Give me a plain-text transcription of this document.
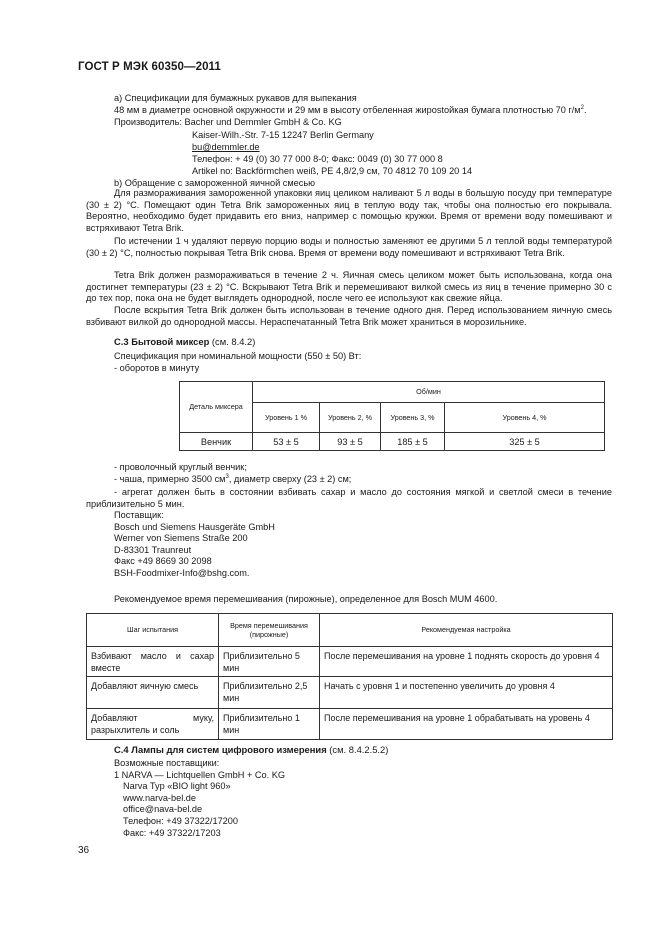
ГОСТ Р МЭК 60350—2011
a) Спецификации для бумажных рукавов для выпекания
48 мм в диаметре основной окружности и 29 мм в высоту отбеленная жирostойкая бумага плотностью 70 $г/м^2$.
Производитель: Bacher und Demmler GmbH & Co. KG
Kaiser-Wilh.-Str. 7-15 12247 Berlin Germany
bu@demmler.de
Телефон: + 49 (0) 30 77 000 8-0; Факс: 0049 (0) 30 77 000 8
Artikel no: Backförmchen weiß, PE 4,8/2,9 см, 70 4812 70 109 20 14
b) Обращение с замороженной яичной смесью
Для размораживания замороженной упаковки яиц целиком наливают 5 л воды в большую посуду при температуре (30 ± 2) °C. Помещают один Tetra Brik замороженных яиц в теплую воду так, чтобы она полностью его покрывала. Вероятно, необходимо будет придавить его вниз, например с помощью кружки. Время от времени воду помешивают и встряхивают Tetra Brik.
По истечении 1 ч удаляют первую порцию воды и полностью заменяют ее другими 5 л теплой воды температурой (30 ± 2) °C, полностью покрывая Tetra Brik снова. Время от времени воду помешивают и встряхивают Tetra Brik.
Tetra Brik должен размораживаться в течение 2 ч. Яичная смесь целиком может быть использована, когда она достигнет температуры (23 ± 2) °C. Вскрывают Tetra Brik и перемешивают вилкой смесь из яиц в течение примерно 30 с до тех пор, пока она не будет выглядеть однородной, после чего ее используют как свежие яйца.
После вскрытия Tetra Brik должен быть использован в течение одного дня. Перед использованием яичную смесь взбивают вилкой до однородной массы. Нераспечатанный Tetra Brik может храниться в морозильнике.
С.3 Бытовой миксер (см. 8.4.2)
Спецификация при номинальной мощности (550 ± 50) Вт:
- оборотов в минуту
Деталь миксера	Об/мин			
	Уровень 1 %	Уровень 2, %	Уровень 3, %	Уровень 4, %
Венчик	53 ± 5	93 ± 5	185 ± 5	325 ± 5
- проволочный круглый венчик;
- чаша, примерно 3500 $см^3$, диаметр сверху (23 ± 2) см;
- агрегат должен быть в состоянии взбивать сахар и масло до состояния мягкой и светлой смеси в течение приблизительно 5 мин.
Поставщик:
Bosch und Siemens Hausgeräte GmbH
Werner von Siemens Straße 200
D-83301 Traunreut
Факс +49 8669 30 2098
BSH-Foodmixer-Info@bshg.com.
Рекомендуемое время перемешивания (пирожные), определенное для Bosch MUM 4600.
Шаг испытания	Время перемешивания (пирожные)	Рекомендуемая настройка
Взбивают масло и сахар вместе	Приблизительно 5 мин	После перемешивания на уровне 1 поднять скорость до уровня 4
Добавляют яичную смесь	Приблизительно 2,5 мин	Начать с уровня 1 и постепенно увеличить до уровня 4
Добавляют муку, разрыхлитель и соль	Приблизительно 1 мин	После перемешивания на уровне 1 обрабатывать на уровень 4
С.4 Лампы для систем цифрового измерения (см. 8.4.2.5.2)
Возможные поставщики:
1 NARVA — Lichtquellen GmbH + Co. KG
Narva Typ «BIO light 960»
www.narva-bel.de
office@nava-bel.de
Телефон: +49 37322/17200
Факс: +49 37322/17203
36
